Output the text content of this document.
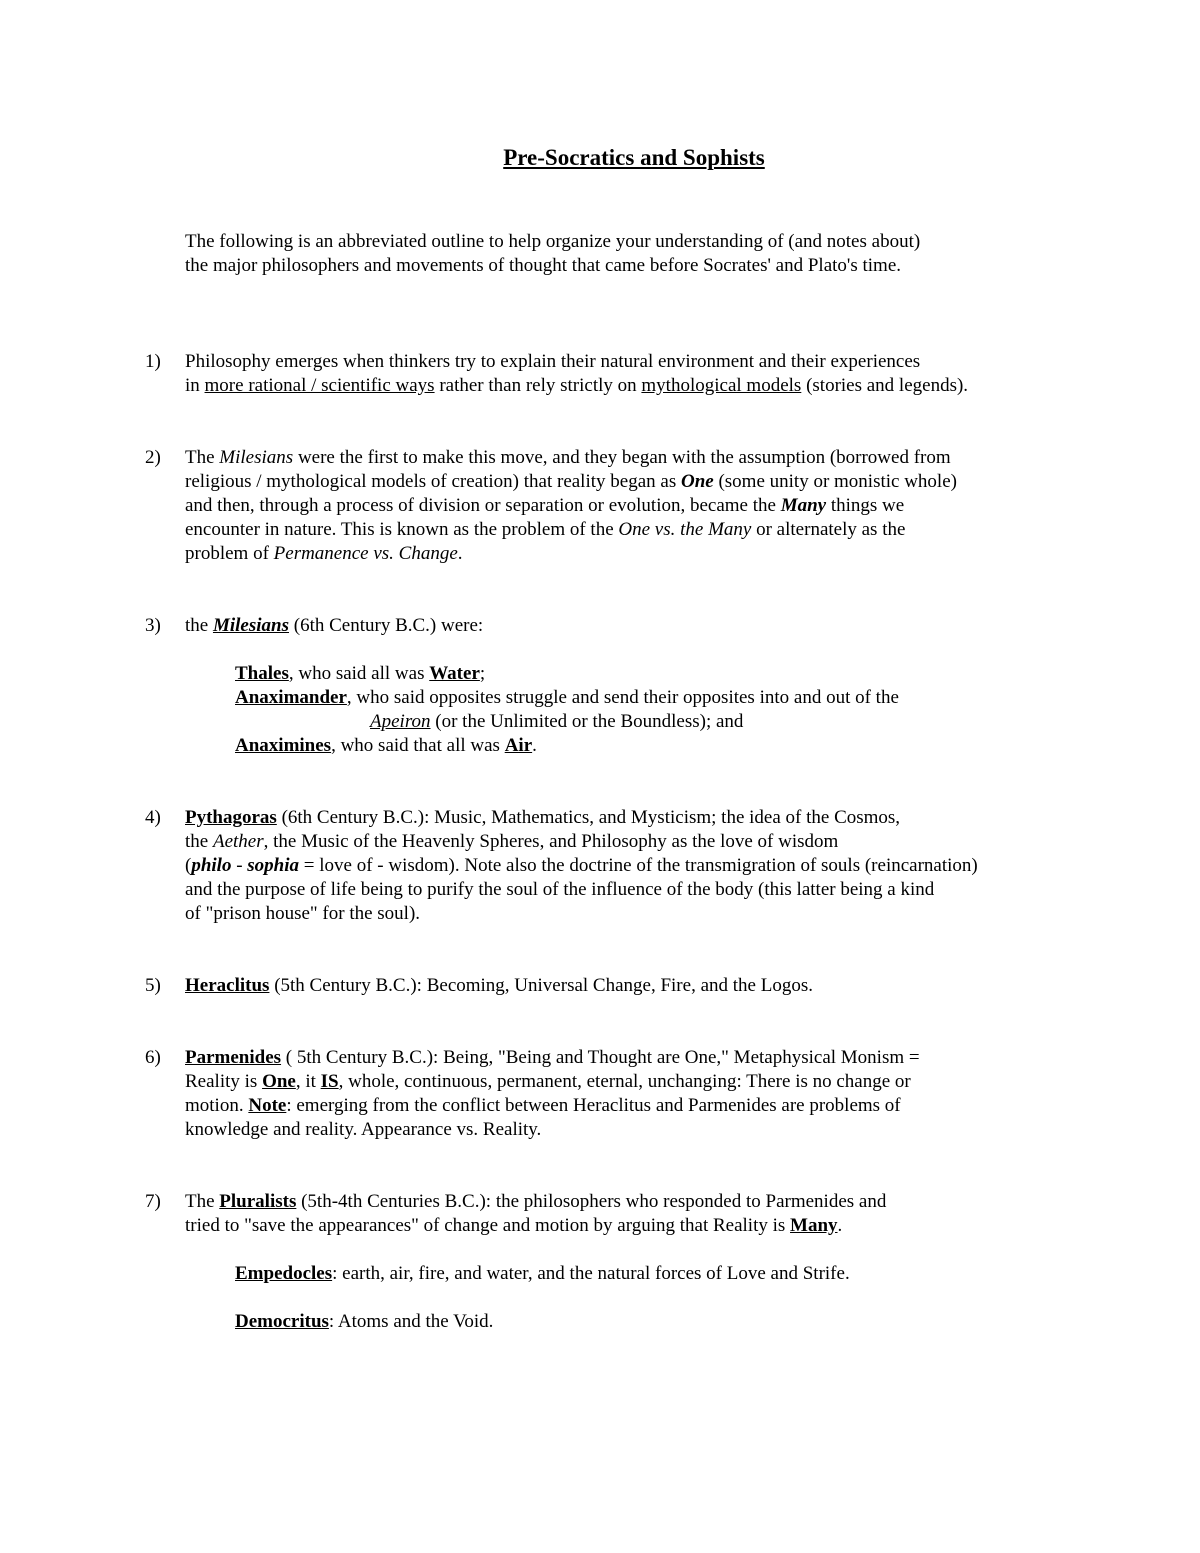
Pre-Socratics and Sophists
The following is an abbreviated outline to help organize your understanding of (and notes about)
the major philosophers and movements of thought that came before Socrates' and Plato's time.
1)	Philosophy emerges when thinkers try to explain their natural environment and their experiences
in more rational / scientific ways rather than rely strictly on mythological models (stories and legends).
2)	The Milesians were the first to make this move, and they began with the assumption (borrowed from
religious / mythological models of creation) that reality began as One (some unity or monistic whole)
and then, through a process of division or separation or evolution, became the Many things we
encounter in nature. This is known as the problem of the One vs. the Many or alternately as the
problem of Permanence vs. Change.
3)	the Milesians (6th Century B.C.) were:
Thales, who said all was Water;
Anaximander, who said opposites struggle and send their opposites into and out of the
Apeiron (or the Unlimited or the Boundless); and
Anaximines, who said that all was Air.
4)	Pythagoras (6th Century B.C.): Music, Mathematics, and Mysticism; the idea of the Cosmos,
the Aether, the Music of the Heavenly Spheres, and Philosophy as the love of wisdom
(philo - sophia = love of - wisdom). Note also the doctrine of the transmigration of souls (reincarnation)
and the purpose of life being to purify the soul of the influence of the body (this latter being a kind
of "prison house" for the soul).
5)	Heraclitus (5th Century B.C.): Becoming, Universal Change, Fire, and the Logos.
6)	Parmenides ( 5th Century B.C.): Being, "Being and Thought are One," Metaphysical Monism =
Reality is One, it IS, whole, continuous, permanent, eternal, unchanging: There is no change or
motion. Note: emerging from the conflict between Heraclitus and Parmenides are problems of
knowledge and reality. Appearance vs. Reality.
7)	The Pluralists (5th-4th Centuries B.C.): the philosophers who responded to Parmenides and
tried to "save the appearances" of change and motion by arguing that Reality is Many.
Empedocles: earth, air, fire, and water, and the natural forces of Love and Strife.
Democritus: Atoms and the Void.
